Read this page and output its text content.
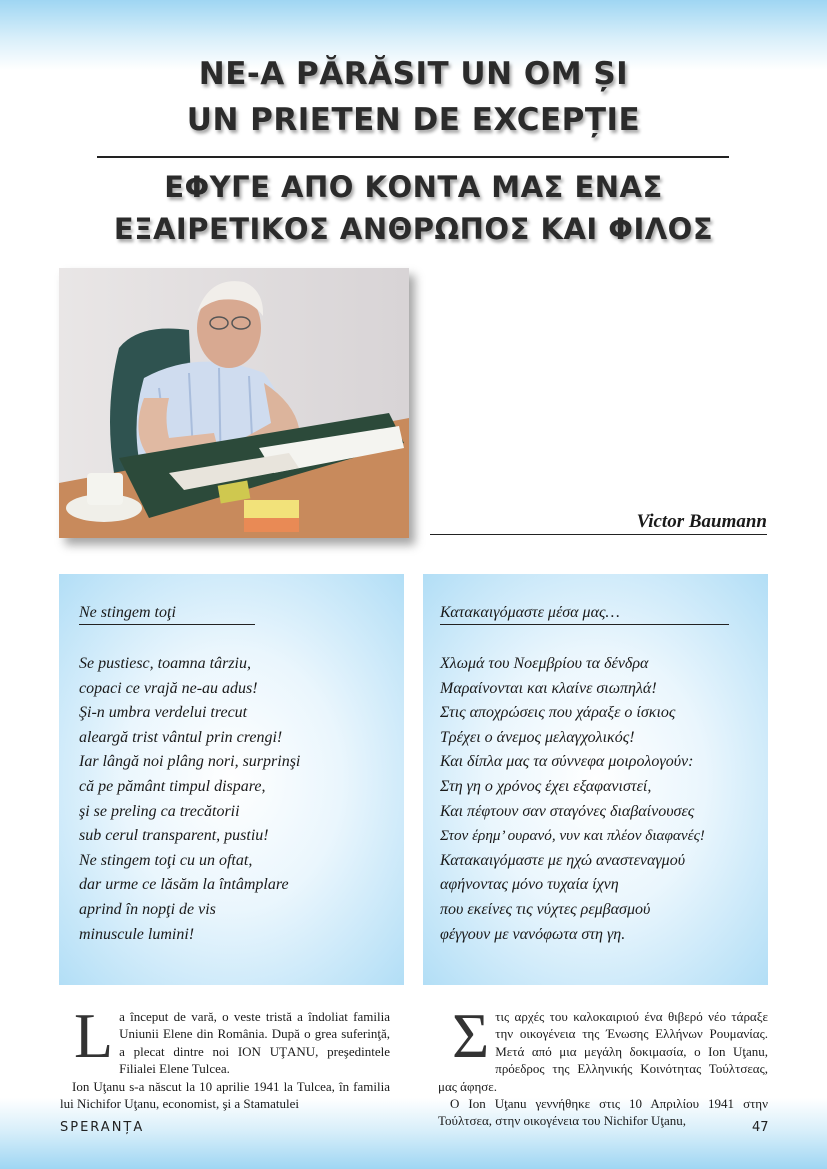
NE-A PĂRĂSIT UN OM ȘI
UN PRIETEN DE EXCEPȚIE
ΕΦΥΓΕ ΑΠΟ ΚΟΝΤΑ ΜΑΣ ΕΝΑΣ
ΕΞΑΙΡΕΤΙΚΟΣ ΑΝΘΡΩΠΟΣ ΚΑΙ ΦΙΛΟΣ
Victor Baumann
Ne stingem toţi
Se pustiesc, toamna târziu,
copaci ce vrajă ne-au adus!
Şi-n umbra verdelui trecut
aleargă trist vântul prin crengi!
Iar lângă noi plâng nori, surprinşi
că pe pământ timpul dispare,
şi se preling ca trecătorii
sub cerul transparent, pustiu!
Ne stingem toţi cu un oftat,
dar urme ce lăsăm la întâmplare
aprind în nopţi de vis
minuscule lumini!
Κατακαιγόμαστε μέσα μας…
Χλωμά του Νοεμβρίου τα δένδρα
Μαραίνονται και κλαίνε σιωπηλά!
Στις αποχρώσεις που χάραξε ο ίσκιος
Τρέχει ο άνεμος μελαγχολικός!
Και δίπλα μας τα σύννεφα μοιρολογούν:
Στη γη ο χρόνος έχει εξαφανιστεί,
Και πέφτουν σαν σταγόνες διαβαίνουσες
Στον έρημ’ ουρανό, νυν και πλέον διαφανές!
Κατακαιγόμαστε με ηχώ αναστεναγμού
αφήνοντας μόνο τυχαία ίχνη
που εκείνες τις νύχτες ρεμβασμού
φέγγουν με νανόφωτα στη γη.

La început de vară, o veste tristă a îndoliat familia Uniunii Elene din România. După o grea suferinţă, a plecat dintre noi ION UŢANU, preşedintele Filialei Elene Tulcea.

Ion Uţanu s-a născut la 10 aprilie 1941 la Tulcea, în familia lui Nichifor Uţanu, economist, şi a Stamatulei

Στις αρχές του καλοκαιριού ένα θιβερό νέο τάραξε την οικογένεια της Ένωσης Ελλήνων Ρουμανίας. Μετά από μια μεγάλη δοκιμασία, ο Ion Uţanu, πρόεδρος της Ελληνικής Κοινότητας Τούλτσεας, μας άφησε.

Ο Ion Uţanu γεννήθηκε στις 10 Απριλίου 1941 στην Τούλτσεα, στην οικογένεια του Nichifor Uţanu,

SPERANȚA	47
